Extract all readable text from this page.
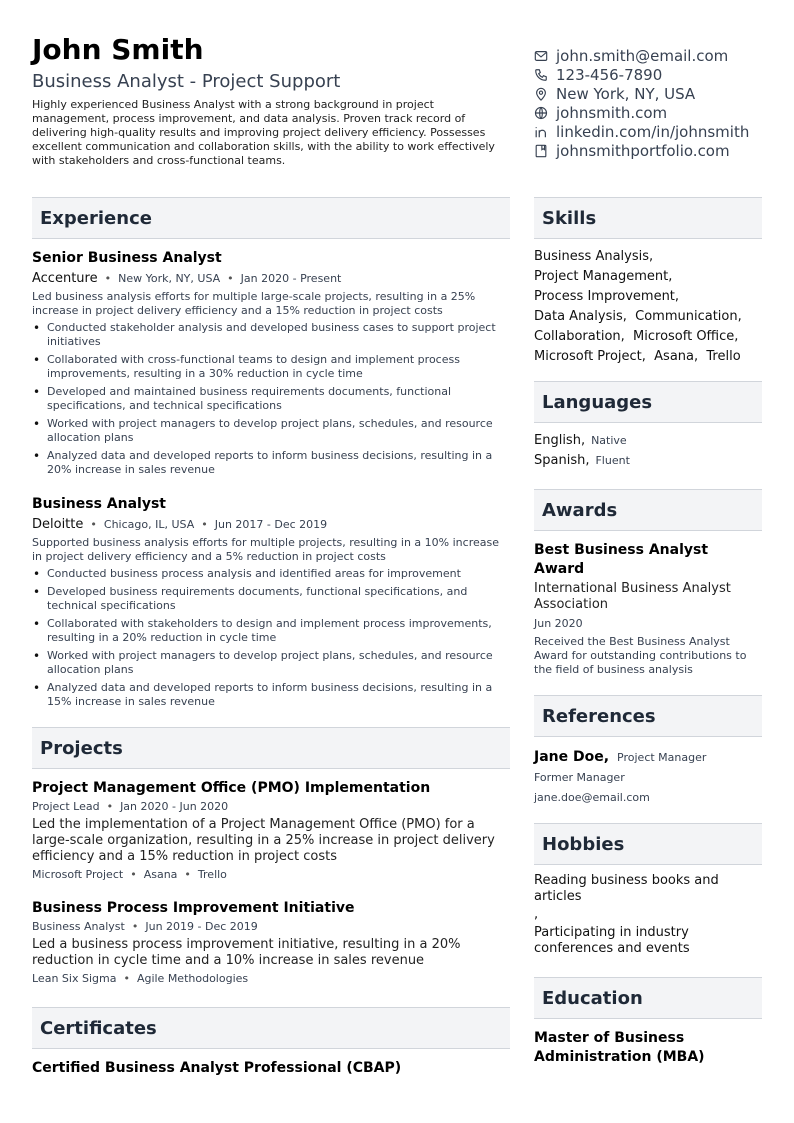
John Smith
Business Analyst - Project Support
Highly experienced Business Analyst with a strong background in project management, process improvement, and data analysis. Proven track record of delivering high-quality results and improving project delivery efficiency. Possesses excellent communication and collaboration skills, with the ability to work effectively with stakeholders and cross-functional teams.
john.smith@email.com
123-456-7890
New York, NY, USA
johnsmith.com
linkedin.com/in/johnsmith
johnsmithportfolio.com
Experience
Senior Business Analyst
Accenture • New York, NY, USA • Jan 2020 - Present
Led business analysis efforts for multiple large-scale projects, resulting in a 25% increase in project delivery efficiency and a 15% reduction in project costs
• Conducted stakeholder analysis and developed business cases to support project initiatives
• Collaborated with cross-functional teams to design and implement process improvements, resulting in a 30% reduction in cycle time
• Developed and maintained business requirements documents, functional specifications, and technical specifications
• Worked with project managers to develop project plans, schedules, and resource allocation plans
• Analyzed data and developed reports to inform business decisions, resulting in a 20% increase in sales revenue
Business Analyst
Deloitte • Chicago, IL, USA • Jun 2017 - Dec 2019
Supported business analysis efforts for multiple projects, resulting in a 10% increase in project delivery efficiency and a 5% reduction in project costs
• Conducted business process analysis and identified areas for improvement
• Developed business requirements documents, functional specifications, and technical specifications
• Collaborated with stakeholders to design and implement process improvements, resulting in a 20% reduction in cycle time
• Worked with project managers to develop project plans, schedules, and resource allocation plans
• Analyzed data and developed reports to inform business decisions, resulting in a 15% increase in sales revenue
Projects
Project Management Office (PMO) Implementation
Project Lead • Jan 2020 - Jun 2020
Led the implementation of a Project Management Office (PMO) for a large-scale organization, resulting in a 25% increase in project delivery efficiency and a 15% reduction in project costs
Microsoft Project • Asana • Trello
Business Process Improvement Initiative
Business Analyst • Jun 2019 - Dec 2019
Led a business process improvement initiative, resulting in a 20% reduction in cycle time and a 10% increase in sales revenue
Lean Six Sigma • Agile Methodologies
Certificates
Certified Business Analyst Professional (CBAP)
Skills
Business Analysis,
Project Management,
Process Improvement,
Data Analysis,  Communication,
Collaboration,  Microsoft Office,
Microsoft Project,  Asana,  Trello
Languages
English, Native
Spanish, Fluent
Awards
Best Business Analyst Award
International Business Analyst Association
Jun 2020
Received the Best Business Analyst Award for outstanding contributions to the field of business analysis
References
Jane Doe, Project Manager
Former Manager
jane.doe@email.com
Hobbies
Reading business books and articles
,
Participating in industry conferences and events
Education
Master of Business Administration (MBA)
